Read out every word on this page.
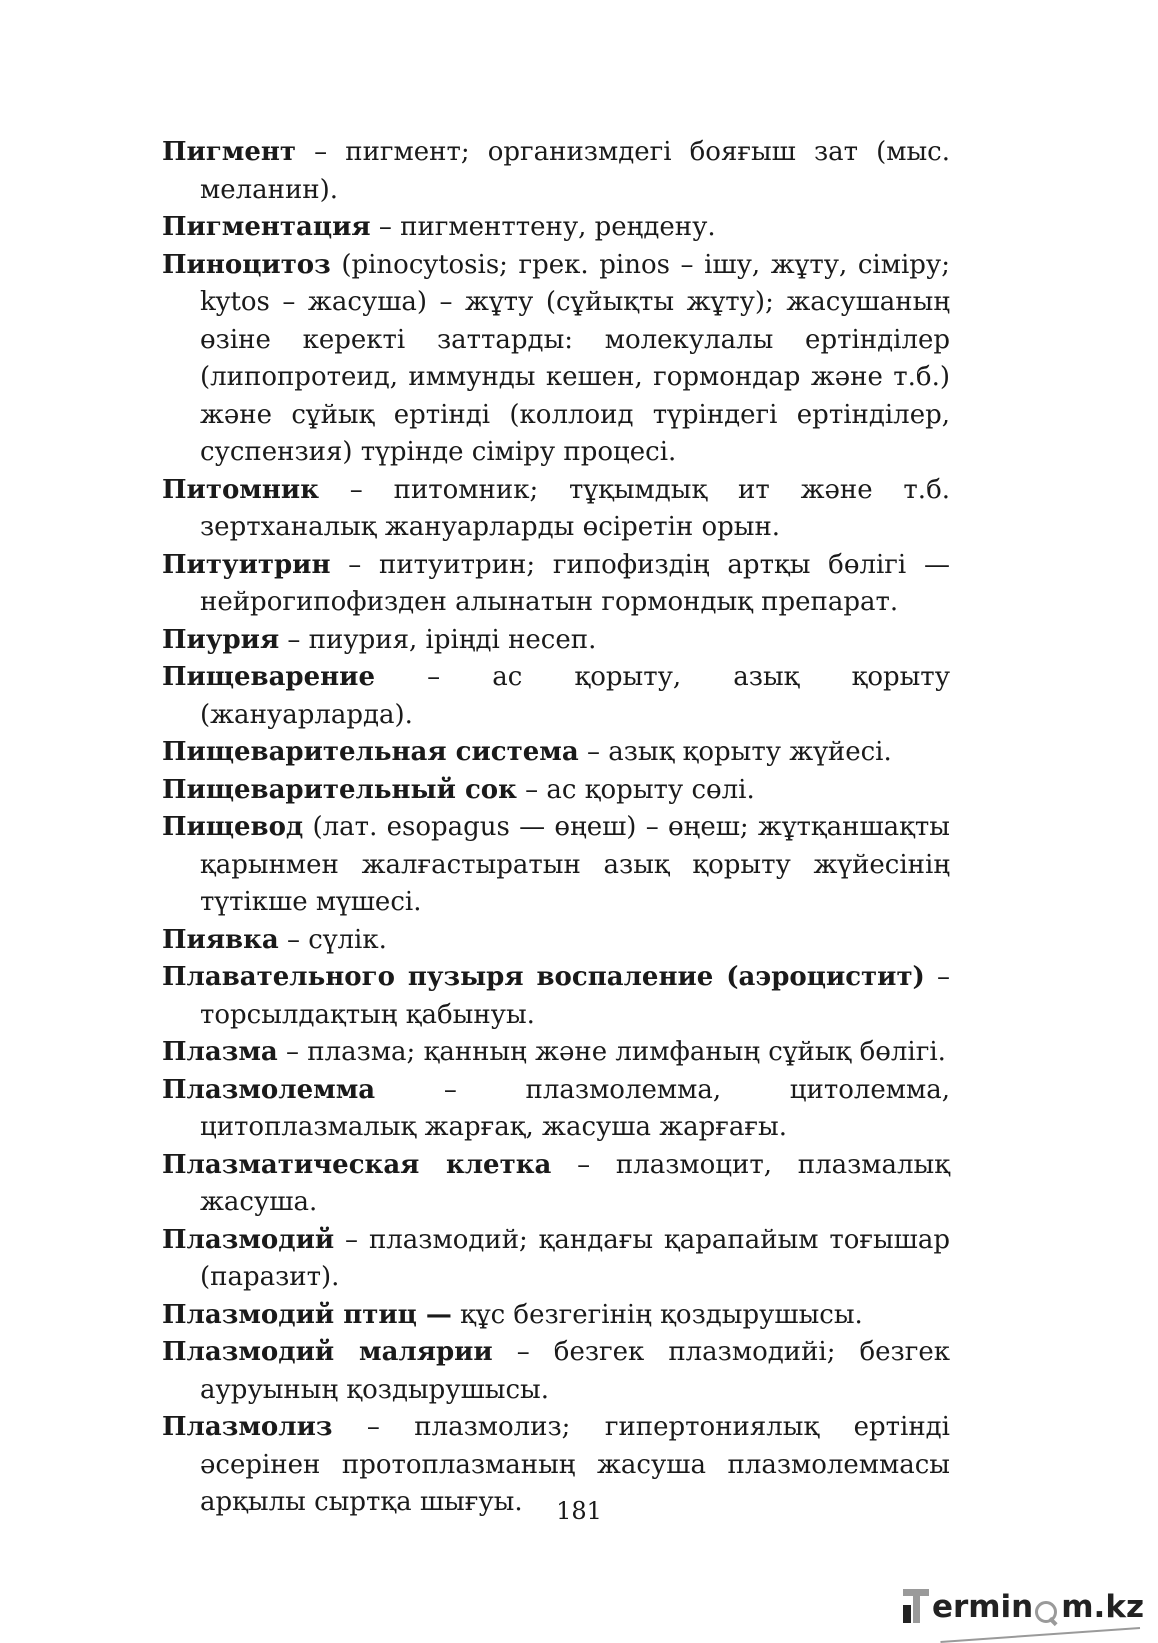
Пигмент – пигмент; организмдегі бояғыш зат (мыс. меланин).

Пигментация – пигменттену, реңдену.

Пиноцитоз (pinocytosis; грек. pinos – ішу, жұту, сіміру; kytos – жасуша) – жұту (сұйықты жұту); жасушаның өзіне керекті заттарды: молекулалы ертінділер (липопротеид, иммунды кешен, гормондар және т.б.) және сұйық ертінді (коллоид түріндегі ертінділер, суспензия) түрінде сіміру процесі.

Питомник – питомник; тұқымдық ит және т.б. зертханалық жануарларды өсіретін орын.

Питуитрин – питуитрин; гипофиздің артқы бөлігі — нейрогипофизден алынатын гормондық препарат.

Пиурия – пиурия, іріңді несеп.

Пищеварение – ас қорыту, азық қорыту (жануарларда).

Пищеварительная система – азық қорыту жүйесі.

Пищеварительный сок – ас қорыту сөлі.

Пищевод (лат. esopagus — өңеш) – өңеш; жұтқаншақты қарынмен жалғастыратын азық қорыту жүйесінің түтікше мүшесі.

Пиявка – сүлік.

Плавательного пузыря воспаление (аэроцистит) – торсылдақтың қабынуы.

Плазма – плазма; қанның және лимфаның сұйық бөлігі.

Плазмолемма – плазмолемма, цитолемма, цитоплазмалық жарғақ, жасуша жарғағы.

Плазматическая клетка – плазмоцит, плазмалық жасуша.

Плазмодий – плазмодий; қандағы қарапайым тоғышар (паразит).

Плазмодий птиц — құс безгегінің қоздырушысы.

Плазмодий малярии – безгек плазмодийі; безгек ауруының қоздырушысы.

Плазмолиз – плазмолиз; гипертониялық ертінді әсерінен протоплазманың жасуша плазмолеммасы арқылы сыртқа шығуы.	181
ermin m.kz
